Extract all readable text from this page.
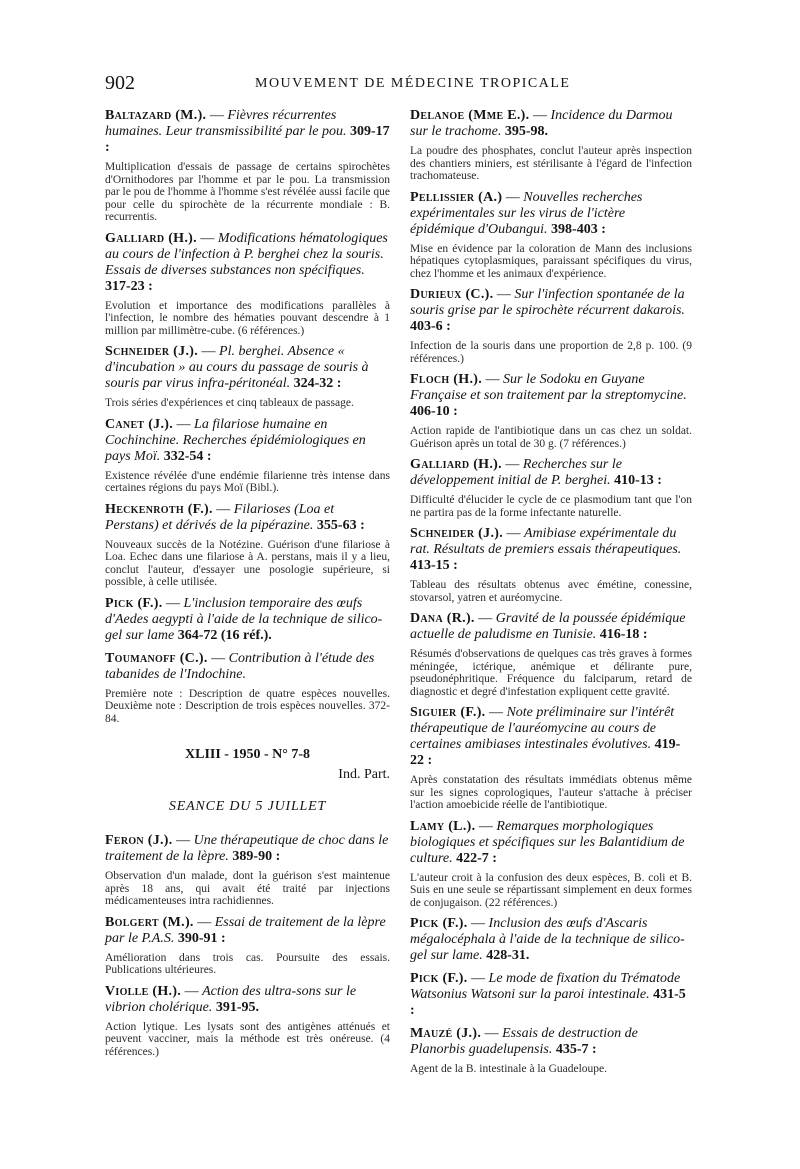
902	MOUVEMENT DE MÉDECINE TROPICALE

Baltazard (M.). — Fièvres récurrentes humaines. Leur transmissibilité par le pou. 309-17 :

Multiplication d'essais de passage de certains spirochètes d'Ornithodores par l'homme et par le pou. La transmission par le pou de l'homme à l'homme s'est révélée aussi facile que pour celle du spirochète de la récurrente mondiale : B. recurrentis.

Galliard (H.). — Modifications hématologiques au cours de l'infection à P. berghei chez la souris. Essais de diverses substances non spécifiques. 317-23 :

Evolution et importance des modifications parallèles à l'infection, le nombre des hématies pouvant descendre à 1 million par millimètre-cube. (6 références.)

Schneider (J.). — Pl. berghei. Absence « d'incubation » au cours du passage de souris à souris par virus infra-péritonéal. 324-32 :

Trois séries d'expériences et cinq tableaux de passage.

Canet (J.). — La filariose humaine en Cochinchine. Recherches épidémiologiques en pays Moï. 332-54 :

Existence révélée d'une endémie filarienne très intense dans certaines régions du pays Moï (Bibl.).

Heckenroth (F.). — Filarioses (Loa et Perstans) et dérivés de la pipérazine. 355-63 :

Nouveaux succès de la Notézine. Guérison d'une filariose à Loa. Echec dans une filariose à A. perstans, mais il y a lieu, conclut l'auteur, d'essayer une posologie supérieure, si possible, à celle utilisée.

Pick (F.). — L'inclusion temporaire des œufs d'Aedes aegypti à l'aide de la technique de silico-gel sur lame 364-72 (16 réf.).

Toumanoff (C.). — Contribution à l'étude des tabanides de l'Indochine.

Première note : Description de quatre espèces nouvelles. Deuxième note : Description de trois espèces nouvelles. 372-84.

XLIII - 1950 - N° 7-8
Ind. Part.
SEANCE DU 5 JUILLET

Feron (J.). — Une thérapeutique de choc dans le traitement de la lèpre. 389-90 :

Observation d'un malade, dont la guérison s'est maintenue après 18 ans, qui avait été traité par injections médicamenteuses intra rachidiennes.

Bolgert (M.). — Essai de traitement de la lèpre par le P.A.S. 390-91 :

Amélioration dans trois cas. Poursuite des essais. Publications ultérieures.

Violle (H.). — Action des ultra-sons sur le vibrion cholérique. 391-95.

Action lytique. Les lysats sont des antigènes atténués et peuvent vacciner, mais la méthode est très onéreuse. (4 références.)

Delanoe (Mme E.). — Incidence du Darmou sur le trachome. 395-98.

La poudre des phosphates, conclut l'auteur après inspection des chantiers miniers, est stérilisante à l'égard de l'infection trachomateuse.

Pellissier (A.) — Nouvelles recherches expérimentales sur les virus de l'ictère épidémique d'Oubangui. 398-403 :

Mise en évidence par la coloration de Mann des inclusions hépatiques cytoplasmiques, paraissant spécifiques du virus, chez l'homme et les animaux d'expérience.

Durieux (C.). — Sur l'infection spontanée de la souris grise par le spirochète récurrent dakarois. 403-6 :

Infection de la souris dans une proportion de 2,8 p. 100. (9 références.)

Floch (H.). — Sur le Sodoku en Guyane Française et son traitement par la streptomycine. 406-10 :

Action rapide de l'antibiotique dans un cas chez un soldat. Guérison après un total de 30 g. (7 références.)

Galliard (H.). — Recherches sur le développement initial de P. berghei. 410-13 :

Difficulté d'élucider le cycle de ce plasmodium tant que l'on ne partira pas de la forme infectante naturelle.

Schneider (J.). — Amibiase expérimentale du rat. Résultats de premiers essais thérapeutiques. 413-15 :

Tableau des résultats obtenus avec émétine, conessine, stovarsol, yatren et auréomycine.

Dana (R.). — Gravité de la poussée épidémique actuelle de paludisme en Tunisie. 416-18 :

Résumés d'observations de quelques cas très graves à formes méningée, ictérique, anémique et délirante pure, pseudonéphritique. Fréquence du falciparum, retard de diagnostic et degré d'infestation expliquent cette gravité.

Siguier (F.). — Note préliminaire sur l'intérêt thérapeutique de l'auréomycine au cours de certaines amibiases intestinales évolutives. 419-22 :

Après constatation des résultats immédiats obtenus même sur les signes coprologiques, l'auteur s'attache à préciser l'action amoebicide réelle de l'antibiotique.

Lamy (L.). — Remarques morphologiques biologiques et spécifiques sur les Balantidium de culture. 422-7 :

L'auteur croit à la confusion des deux espèces, B. coli et B. Suis en une seule se répartissant simplement en deux formes de conjugaison. (22 références.)

Pick (F.). — Inclusion des œufs d'Ascaris mégalocéphala à l'aide de la technique de silico-gel sur lame. 428-31.

Pick (F.). — Le mode de fixation du Trématode Watsonius Watsoni sur la paroi intestinale. 431-5 :

Mauzé (J.). — Essais de destruction de Planorbis guadelupensis. 435-7 :

Agent de la B. intestinale à la Guadeloupe.
